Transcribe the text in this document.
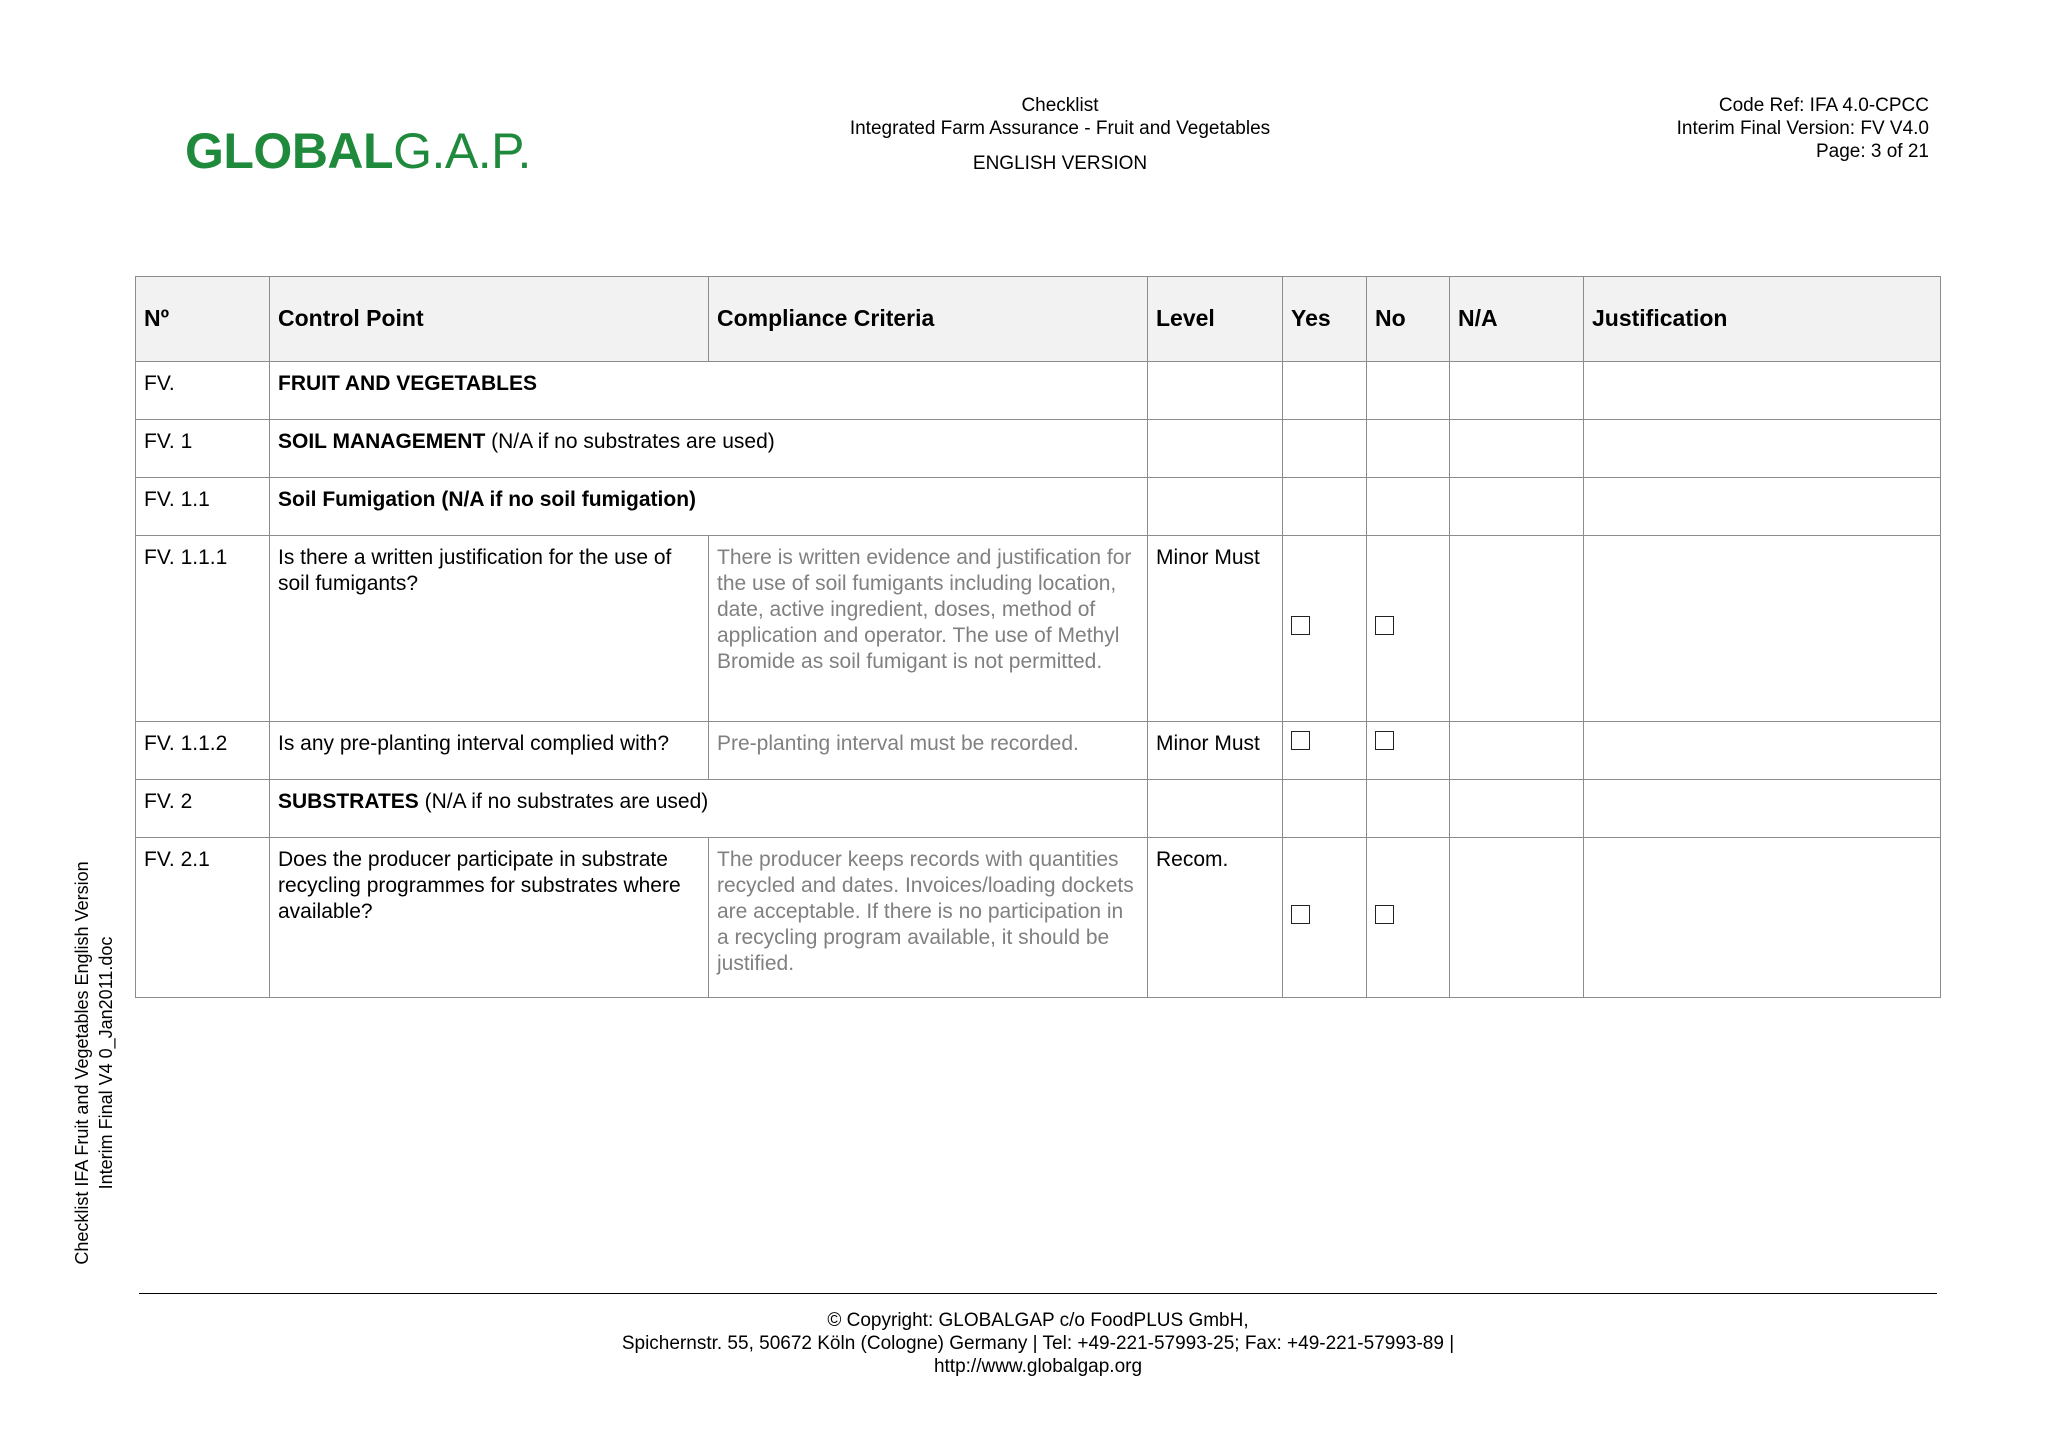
GLOBALG.A.P.
Checklist
Integrated Farm Assurance - Fruit and Vegetables
ENGLISH VERSION
Code Ref: IFA 4.0-CPCC
Interim Final Version: FV V4.0
Page: 3 of 21
Checklist IFA Fruit and Vegetables English Version Interim Final V4 0_Jan2011.doc
Nº	Control Point	Compliance Criteria	Level	Yes	No	N/A	Justification
FV.	FRUIT AND VEGETABLES						
FV. 1	SOIL MANAGEMENT (N/A if no substrates are used)						
FV. 1.1	Soil Fumigation (N/A if no soil fumigation)						
FV. 1.1.1	Is there a written justification for the use of soil fumigants?	There is written evidence and justification for the use of soil fumigants including location, date, active ingredient, doses, method of application and operator. The use of Methyl Bromide as soil fumigant is not permitted.	Minor Must				
FV. 1.1.2	Is any pre-planting interval complied with?	Pre-planting interval must be recorded.	Minor Must				
FV. 2	SUBSTRATES (N/A if no substrates are used)						
FV. 2.1	Does the producer participate in substrate recycling programmes for substrates where available?	The producer keeps records with quantities recycled and dates. Invoices/loading dockets are acceptable. If there is no participation in a recycling program available, it should be justified.	Recom.				
© Copyright: GLOBALGAP c/o FoodPLUS GmbH,
Spichernstr. 55, 50672 Köln (Cologne) Germany | Tel: +49-221-57993-25; Fax: +49-221-57993-89 |
http://www.globalgap.org
